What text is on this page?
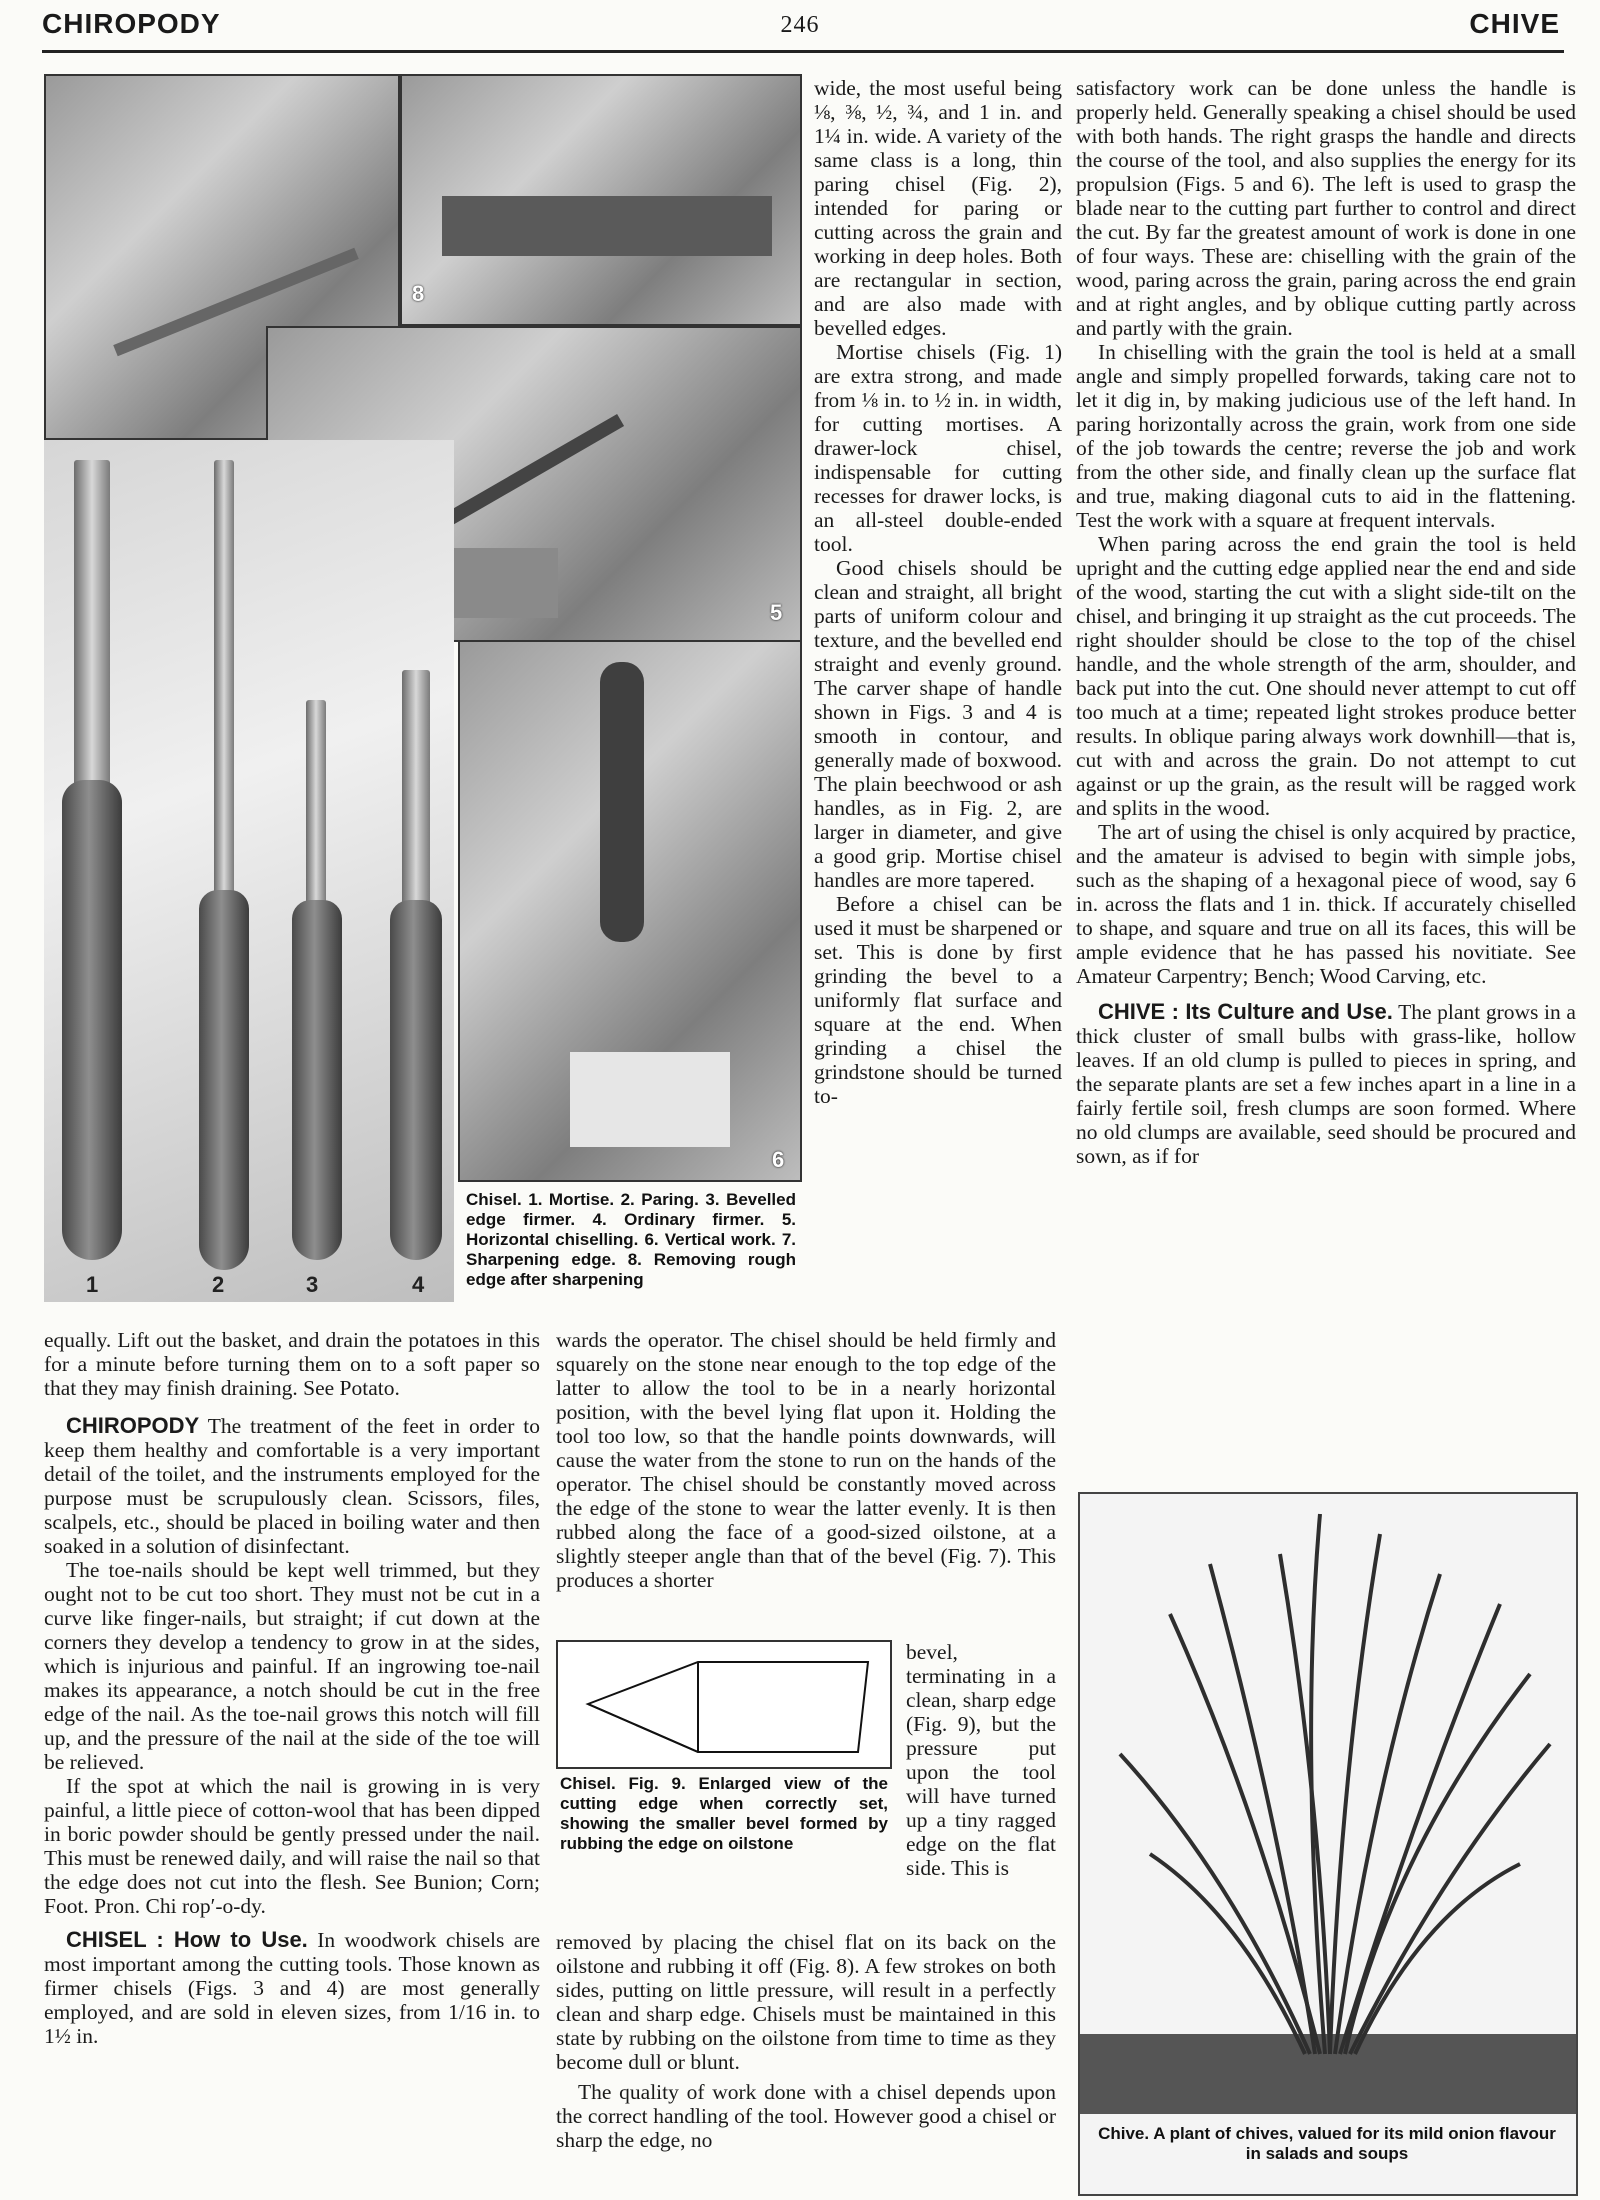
CHIROPODY	246	CHIVE
8
5
6
1	2	3	4
Chisel. 1. Mortise. 2. Paring. 3. Bevelled edge firmer. 4. Ordinary firmer. 5. Horizontal chiselling. 6. Vertical work. 7. Sharpening edge. 8. Removing rough edge after sharpening

wide, the most useful being ⅛, ⅜, ½, ¾, and 1 in. and 1¼ in. wide. A variety of the same class is a long, thin paring chisel (Fig. 2), intended for paring or cutting across the grain and working in deep holes. Both are rectangular in section, and are also made with bevelled edges.

Mortise chisels (Fig. 1) are extra strong, and made from ⅛ in. to ½ in. in width, for cutting mortises. A drawer-lock chisel, indispensable for cutting recesses for drawer locks, is an all-steel double-ended tool.

Good chisels should be clean and straight, all bright parts of uniform colour and texture, and the bevelled end straight and evenly ground. The carver shape of handle shown in Figs. 3 and 4 is smooth in contour, and generally made of boxwood. The plain beechwood or ash handles, as in Fig. 2, are larger in diameter, and give a good grip. Mortise chisel handles are more tapered.

Before a chisel can be used it must be sharpened or set. This is done by first grinding the bevel to a uniformly flat surface and square at the end. When grinding a chisel the grindstone should be turned to-

satisfactory work can be done unless the handle is properly held. Generally speaking a chisel should be used with both hands. The right grasps the handle and directs the course of the tool, and also supplies the energy for its propulsion (Figs. 5 and 6). The left is used to grasp the blade near to the cutting part further to control and direct the cut. By far the greatest amount of work is done in one of four ways. These are: chiselling with the grain of the wood, paring across the grain, paring across the end grain and at right angles, and by oblique cutting partly across and partly with the grain.

In chiselling with the grain the tool is held at a small angle and simply propelled forwards, taking care not to let it dig in, by making judicious use of the left hand. In paring horizontally across the grain, work from one side of the job towards the centre; reverse the job and work from the other side, and finally clean up the surface flat and true, making diagonal cuts to aid in the flattening. Test the work with a square at frequent intervals.

When paring across the end grain the tool is held upright and the cutting edge applied near the end and side of the wood, starting the cut with a slight side-tilt on the chisel, and bringing it up straight as the cut proceeds. The right shoulder should be close to the top of the chisel handle, and the whole strength of the arm, shoulder, and back put into the cut. One should never attempt to cut off too much at a time; repeated light strokes produce better results. In oblique paring always work downhill—that is, cut with and across the grain. Do not attempt to cut against or up the grain, as the result will be ragged work and splits in the wood.

The art of using the chisel is only acquired by practice, and the amateur is advised to begin with simple jobs, such as the shaping of a hexagonal piece of wood, say 6 in. across the flats and 1 in. thick. If accurately chiselled to shape, and square and true on all its faces, this will be ample evidence that he has passed his novitiate. See Amateur Carpentry; Bench; Wood Carving, etc.

CHIVE : Its Culture and Use. The plant grows in a thick cluster of small bulbs with grass-like, hollow leaves. If an old clump is pulled to pieces in spring, and the separate plants are set a few inches apart in a line in a fairly fertile soil, fresh clumps are soon formed. Where no old clumps are available, seed should be procured and sown, as if for

Chive. A plant of chives, valued for its mild onion flavour in salads and soups

equally. Lift out the basket, and drain the potatoes in this for a minute before turning them on to a soft paper so that they may finish draining. See Potato.

CHIROPODY The treatment of the feet in order to keep them healthy and comfortable is a very important detail of the toilet, and the instruments employed for the purpose must be scrupulously clean. Scissors, files, scalpels, etc., should be placed in boiling water and then soaked in a solution of disinfectant.

The toe-nails should be kept well trimmed, but they ought not to be cut too short. They must not be cut in a curve like finger-nails, but straight; if cut down at the corners they develop a tendency to grow in at the sides, which is injurious and painful. If an ingrowing toe-nail makes its appearance, a notch should be cut in the free edge of the nail. As the toe-nail grows this notch will fill up, and the pressure of the nail at the side of the toe will be relieved.

If the spot at which the nail is growing in is very painful, a little piece of cotton-wool that has been dipped in boric powder should be gently pressed under the nail. This must be renewed daily, and will raise the nail so that the edge does not cut into the flesh. See Bunion; Corn; Foot. Pron. Chi rop′-o-dy.

CHISEL : How to Use. In woodwork chisels are most important among the cutting tools. Those known as firmer chisels (Figs. 3 and 4) are most generally employed, and are sold in eleven sizes, from 1/16 in. to 1½ in.

wards the operator. The chisel should be held firmly and squarely on the stone near enough to the top edge of the latter to allow the tool to be in a nearly horizontal position, with the bevel lying flat upon it. Holding the tool too low, so that the handle points downwards, will cause the water from the stone to run on the hands of the operator. The chisel should be constantly moved across the edge of the stone to wear the latter evenly. It is then rubbed along the face of a good-sized oilstone, at a slightly steeper angle than that of the bevel (Fig. 7). This produces a shorter

Chisel. Fig. 9. Enlarged view of the cutting edge when correctly set, showing the smaller bevel formed by rubbing the edge on oilstone

bevel, terminating in a clean, sharp edge (Fig. 9), but the pressure put upon the tool will have turned up a tiny ragged edge on the flat side. This is

removed by placing the chisel flat on its back on the oilstone and rubbing it off (Fig. 8). A few strokes on both sides, putting on little pressure, will result in a perfectly clean and sharp edge. Chisels must be maintained in this state by rubbing on the oilstone from time to time as they become dull or blunt.

The quality of work done with a chisel depends upon the correct handling of the tool. However good a chisel or sharp the edge, no
